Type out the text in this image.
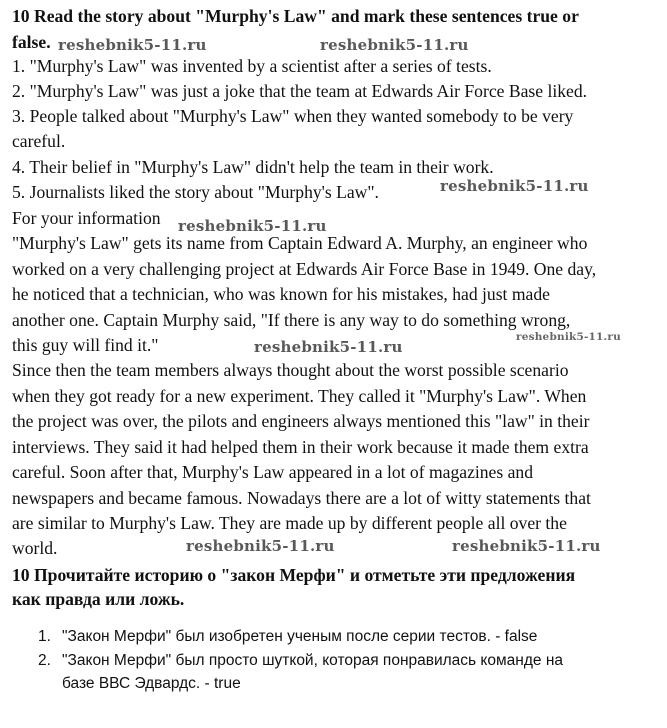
10 Read the story about "Murphy's Law" and mark these sentences true or
false.
1. "Murphy's Law" was invented by a scientist after a series of tests.
2. "Murphy's Law" was just a joke that the team at Edwards Air Force Base liked.
3. People talked about "Murphy's Law" when they wanted somebody to be very
careful.
4. Their belief in "Murphy's Law" didn't help the team in their work.
5. Journalists liked the story about "Murphy's Law".
For your information
"Murphy's Law" gets its name from Captain Edward A. Murphy, an engineer who
worked on a very challenging project at Edwards Air Force Base in 1949. One day,
he noticed that a technician, who was known for his mistakes, had just made
another one. Captain Murphy said, "If there is any way to do something wrong,
this guy will find it."
Since then the team members always thought about the worst possible scenario
when they got ready for a new experiment. They called it "Murphy's Law". When
the project was over, the pilots and engineers always mentioned this "law" in their
interviews. They said it had helped them in their work because it made them extra
careful. Soon after that, Murphy's Law appeared in a lot of magazines and
newspapers and became famous. Nowadays there are a lot of witty statements that
are similar to Murphy's Law. They are made up by different people all over the
world.
10 Прочитайте историю о "закон Мерфи" и отметьте эти предложения
как правда или ложь.
1. "Закон Мерфи" был изобретен ученым после серии тестов. - false
2. "Закон Мерфи" был просто шуткой, которая понравилась команде на
базе ВВС Эдвардс. - true
reshebnik5-11.ru	reshebnik5-11.ru
reshebnik5-11.ru
reshebnik5-11.ru
reshebnik5-11.ru
reshebnik5-11.ru
reshebnik5-11.ru	reshebnik5-11.ru
